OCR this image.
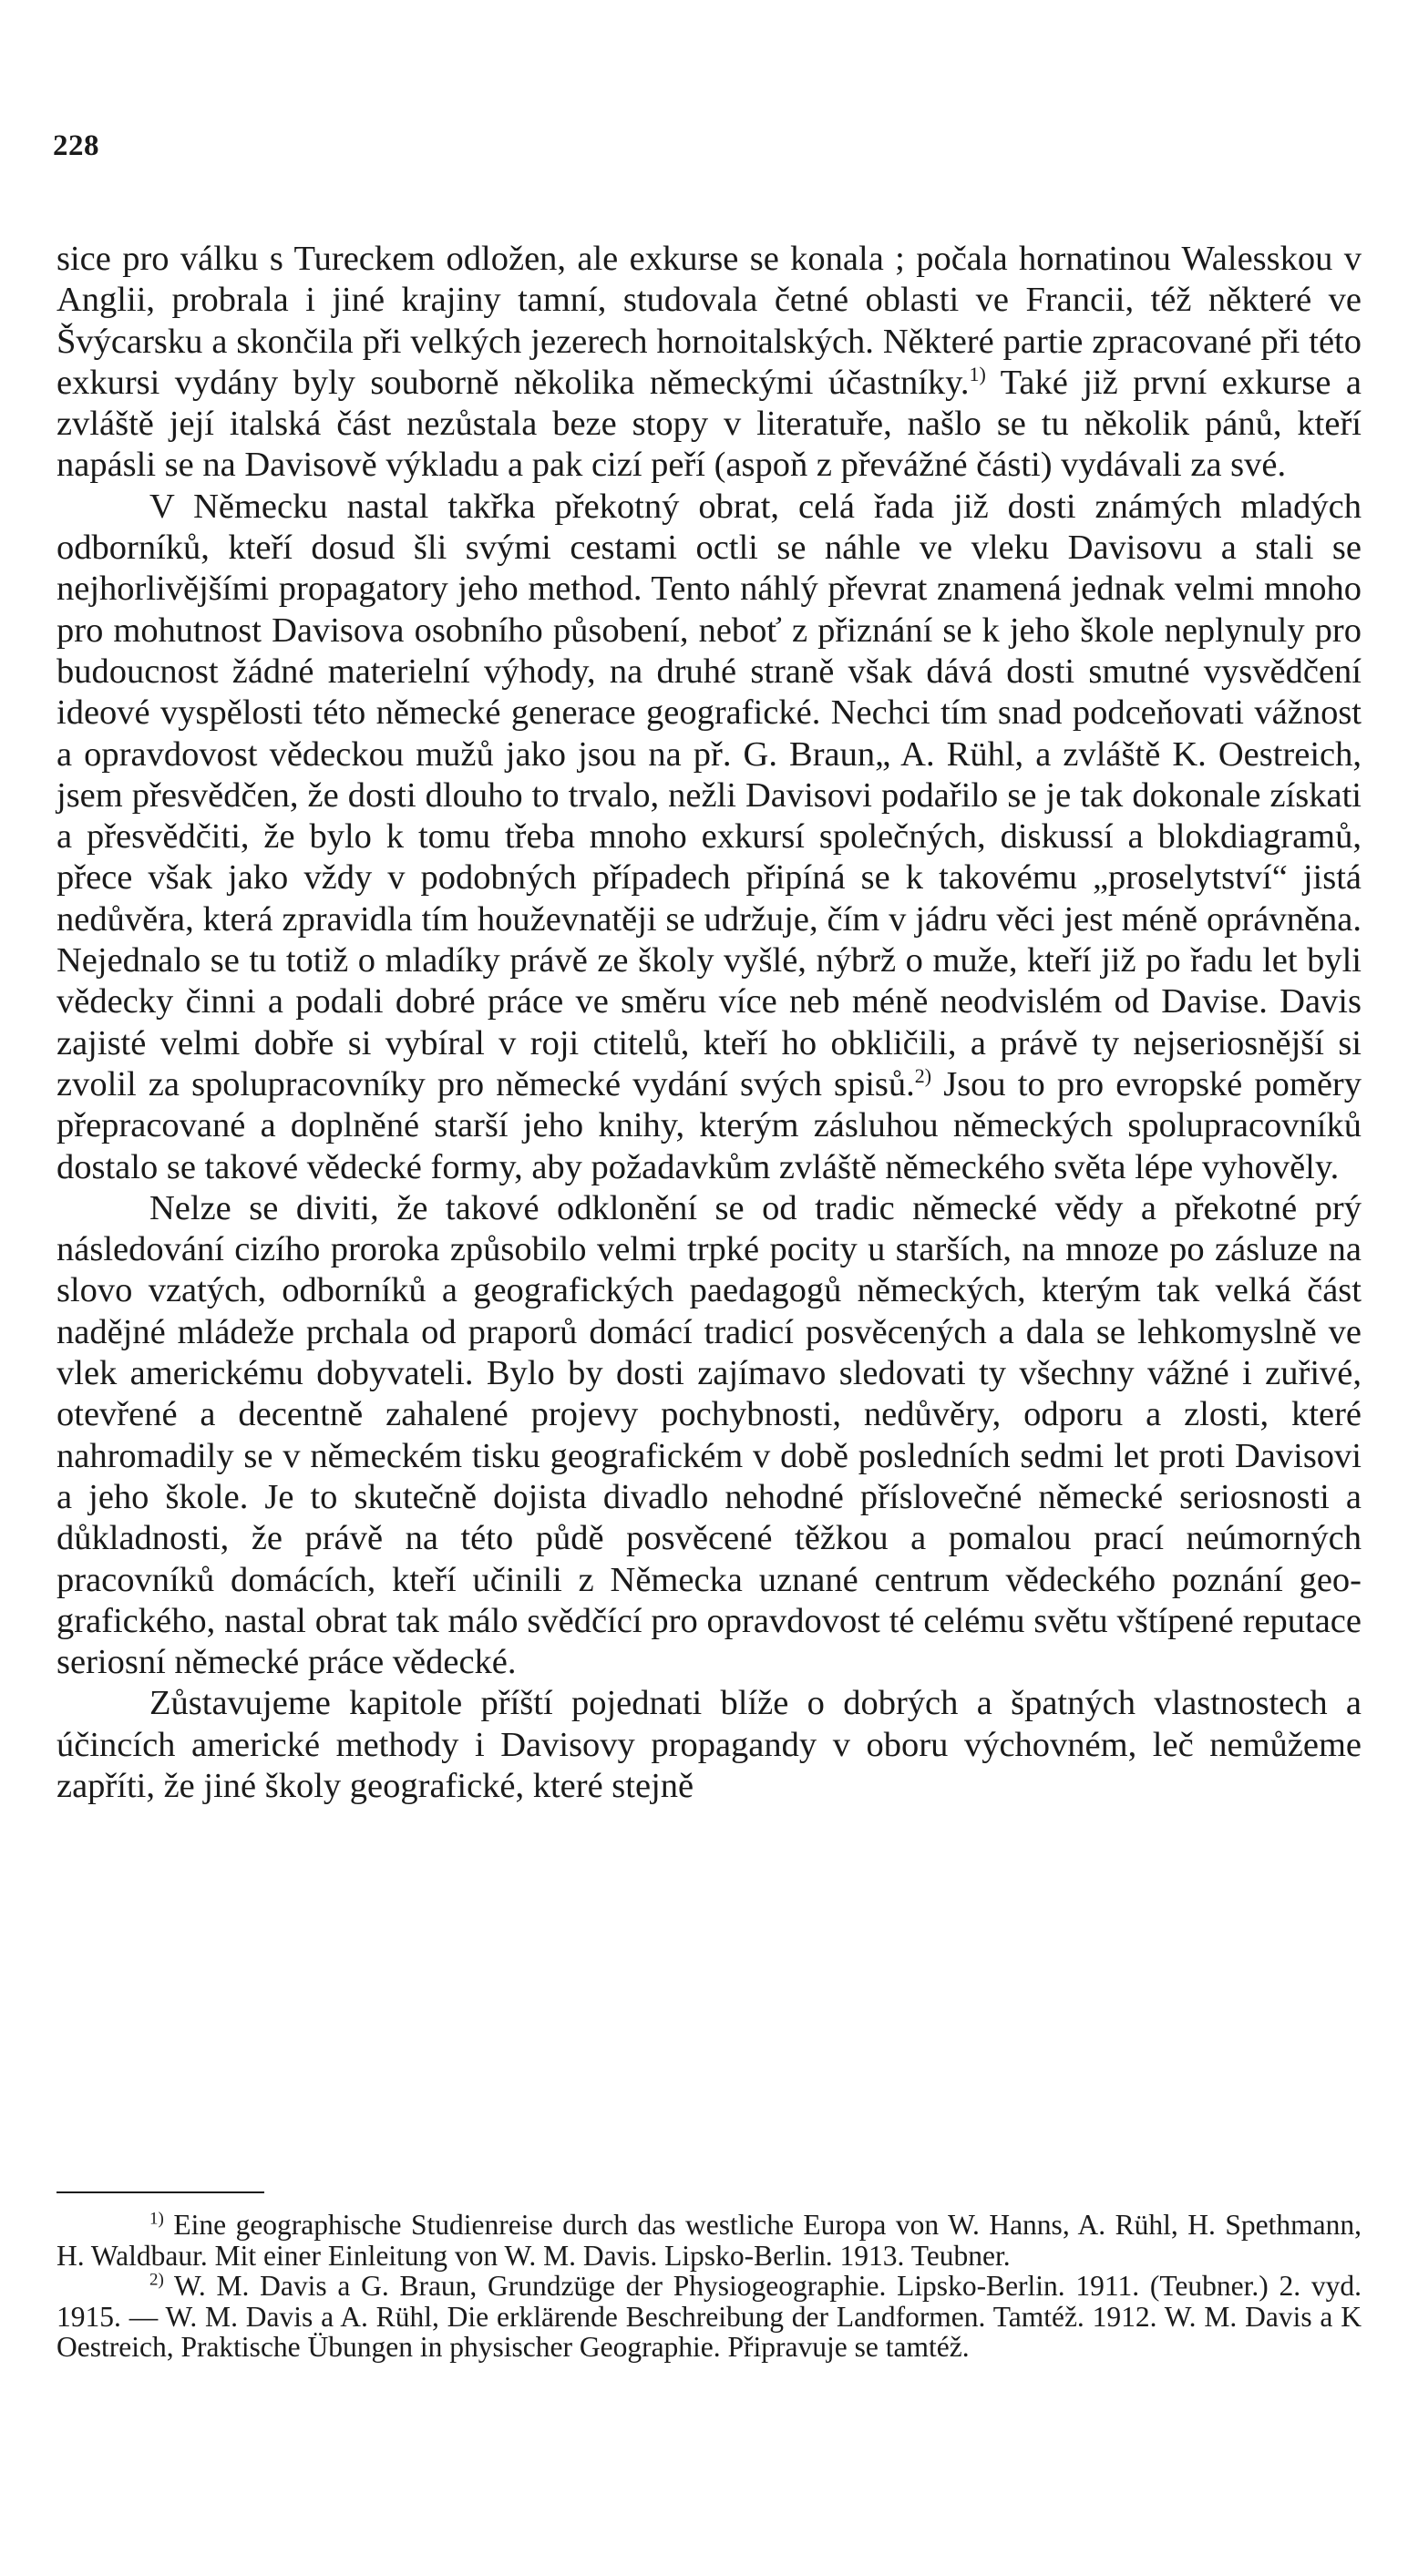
228

sice pro válku s Tureckem odložen, ale exkurse se konala ; počala hornatinou Walesskou v Anglii, probrala i jiné krajiny tamní, studovala četné oblasti ve Francii, též některé ve Švýcarsku a skončila při velkých jezerech hornoitalských. Některé partie zpracované při této exkursi vydány byly souborně několika německými účastníky.$^{1)}$ Také již první exkurse a zvláště její italská část nezůstala beze stopy v literatuře, našlo se tu několik pánů, kteří napásli se na Davisově výkladu a pak cizí peří (aspoň z převážné části) vydávali za své.

V Německu nastal takřka překotný obrat, celá řada již dosti známých mladých odborníků, kteří dosud šli svými cestami octli se náhle ve vleku Davisovu a stali se nejhorlivějšími propagatory jeho method. Tento náhlý převrat znamená jednak velmi mnoho pro mohutnost Davisova osobního působení, neboť z přiznání se k jeho škole neplynuly pro budoucnost žádné materielní výhody, na druhé straně však dává dosti smutné vysvědčení ideové vyspělosti této německé generace geografické. Nechci tím snad podceňovati vážnost a opravdovost vědeckou mužů jako jsou na př. G. Braun„ A. Rühl, a zvláště K. Oestreich, jsem přesvědčen, že dosti dlouho to trvalo, nežli Davisovi podařilo se je tak dokonale získati a přesvědčiti, že bylo k tomu třeba mnoho exkursí společných, diskussí a blokdiagramů, přece však jako vždy v podobných případech připíná se k takovému „proselytství“ jistá nedůvěra, která zpravidla tím houževnatěji se udržuje, čím v jádru věci jest méně oprávněna. Nejednalo se tu totiž o mladíky právě ze školy vyšlé, nýbrž o muže, kteří již po řadu let byli vědecky činni a podali dobré práce ve směru více neb méně neodvislém od Davise. Davis zajisté velmi dobře si vybíral v roji ctitelů, kteří ho obkličili, a právě ty nejseriosnější si zvolil za spolupracovníky pro německé vydání svých spisů.$^{2)}$ Jsou to pro evropské poměry přepracované a doplněné starší jeho knihy, kterým zásluhou německých spolupracovníků dostalo se takové vědecké formy, aby požadavkům zvláště německého světa lépe vyhověly.

Nelze se diviti, že takové odklonění se od tradic německé vědy a překotné prý následování cizího proroka způsobilo velmi trpké pocity u starších, na mnoze po zásluze na slovo vzatých, odborníků a geografických paedagogů německých, kterým tak velká část nadějné mládeže prchala od praporů domácí tradicí posvěcených a dala se lehkomyslně ve vlek americkému dobyvateli. Bylo by dosti zajímavo sledovati ty všechny vážné i zuřivé, otevřené a decentně zahalené projevy pochybnosti, nedůvěry, odporu a zlosti, které nahromadily se v německém tisku geografickém v době posledních sedmi let proti Davisovi a jeho škole. Je to skutečně dojista divadlo nehodné příslovečné německé seriosnosti a důkladnosti, že právě na této půdě posvěcené těžkou a pomalou prací neúmorných pracovníků domácích, kteří učinili z Německa uznané centrum vědeckého poznání geografického, nastal obrat tak málo svědčící pro opravdovost té celému světu vštípené reputace seriosní německé práce vědecké.

Zůstavujeme kapitole příští pojednati blíže o dobrých a špatných vlastnostech a účincích americké methody i Davisovy propagandy v oboru výchovném, leč nemůžeme zapříti, že jiné školy geografické, které stejně

$^{1)}$ Eine geographische Studienreise durch das westliche Europa von W. Hanns, A. Rühl, H. Spethmann, H. Waldbaur. Mit einer Einleitung von W. M. Davis. Lipsko-Berlin. 1913. Teubner.

$^{2)}$ W. M. Davis a G. Braun, Grundzüge der Physiogeographie. Lipsko-Berlin. 1911. (Teubner.) 2. vyd. 1915. — W. M. Davis a A. Rühl, Die erklärende Beschreibung der Landformen. Tamtéž. 1912. W. M. Davis a K Oestreich, Praktische Übungen in physischer Geographie. Připravuje se tamtéž.
